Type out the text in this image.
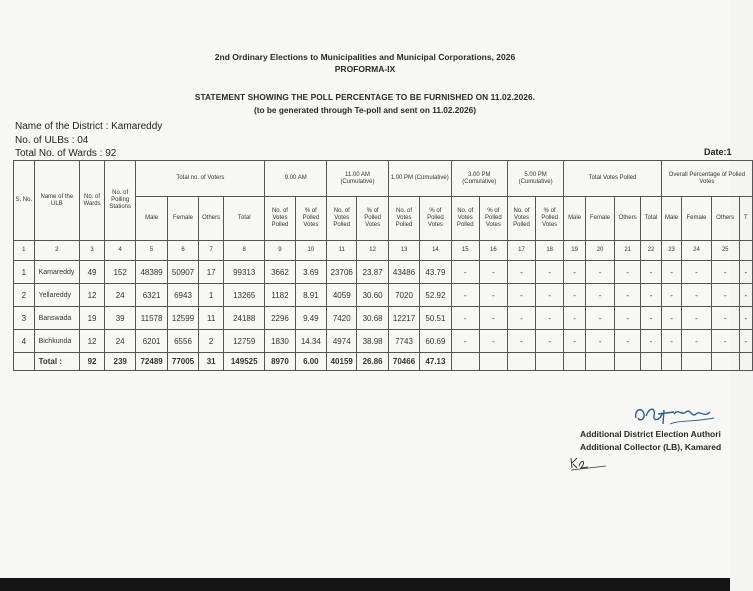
2nd Ordinary Elections to Municipalities and Municipal Corporations, 2026
PROFORMA-IX
STATEMENT SHOWING THE POLL PERCENTAGE TO BE FURNISHED ON 11.02.2026.
(to be generated through Te-poll and sent on 11.02.2026)
Name of the District : Kamareddy
No. of ULBs : 04
Total No. of Wards : 92	Date:1
S. No.	Name of the ULB	No. of Wards	No. of Polling Stations	Total no. of Voters				9.00 AM		11.00 AM (Cumulative)		1.00 PM (Cumulative)		3.00 PM (Cumulative)		5.00 PM (Cumulative)		Total Votes Polled				Overall Percentage of Polled Votes			
				Male	Female	Others	Total	No. of Votes Polled	% of Polled Votes	No. of Votes Polled	% of Polled Votes	No. of Votes Polled	% of Polled Votes	No. of Votes Polled	% of Polled Votes	No. of Votes Polled	% of Polled Votes	Male	Female	Others	Total	Male	Female	Others	T
1	2	3	4	5	6	7	8	9	10	11	12	13	14	15	16	17	18	19	20	21	22	23	24	25	
1	Kamareddy	49	152	48389	50907	17	99313	3662	3.69	23706	23.87	43486	43.79	-	-	-	-	-	-	-	-	-	-	-	-
2	Yellareddy	12	24	6321	6943	1	13265	1182	8.91	4059	30.60	7020	52.92	-	-	-	-	-	-	-	-	-	-	-	-
3	Banswada	19	39	11578	12599	11	24188	2296	9.49	7420	30.68	12217	50.51	-	-	-	-	-	-	-	-	-	-	-	-
4	Bichkunda	12	24	6201	6556	2	12759	1830	14.34	4974	38.98	7743	60.69	-	-	-	-	-	-	-	-	-	-	-	-
	Total :	92	239	72489	77005	31	149525	8970	6.00	40159	26.86	70466	47.13												
Additional District Election Authori
Additional Collector (LB), Kamared
